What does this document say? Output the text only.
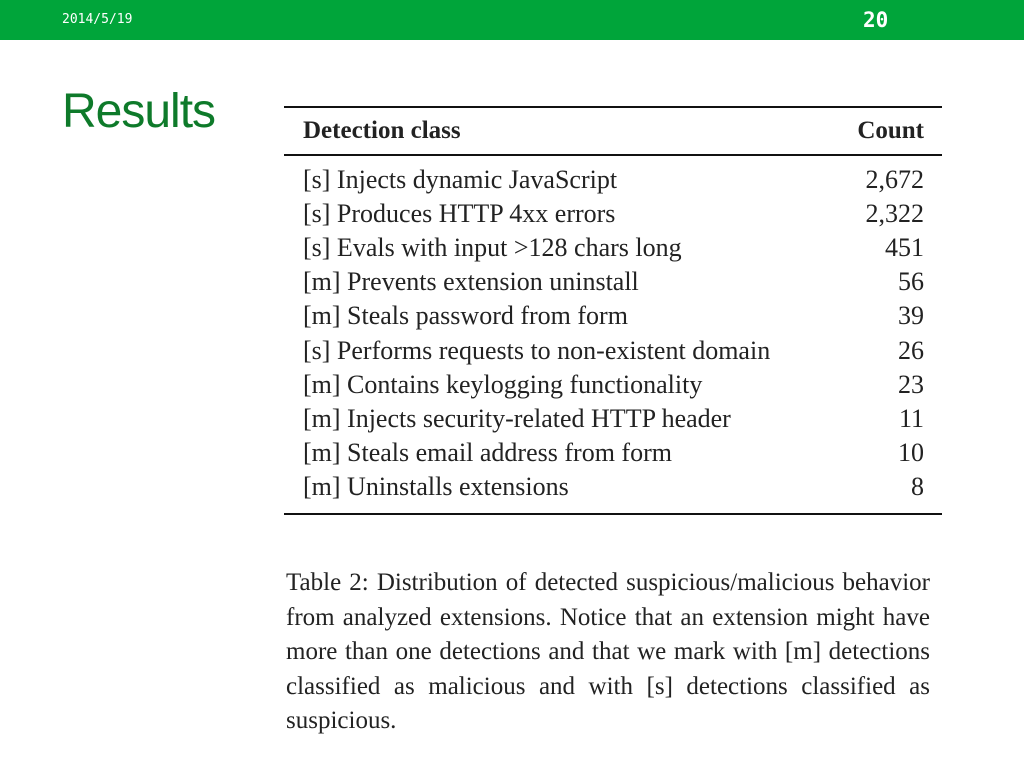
2014/5/19	20
Results	Detection class	Count
[s] Injects dynamic JavaScript	2,672
[s] Produces HTTP 4xx errors	2,322
[s] Evals with input >128 chars long	451
[m] Prevents extension uninstall	56
[m] Steals password from form	39
[s] Performs requests to non-existent domain	26
[m] Contains keylogging functionality	23
[m] Injects security-related HTTP header	11
[m] Steals email address from form	10
[m] Uninstalls extensions	8
Table 2: Distribution of detected suspicious/malicious behavior from analyzed extensions. Notice that an extension might have more than one detections and that we mark with [m] detections classified as malicious and with [s] detections classified as suspicious.
